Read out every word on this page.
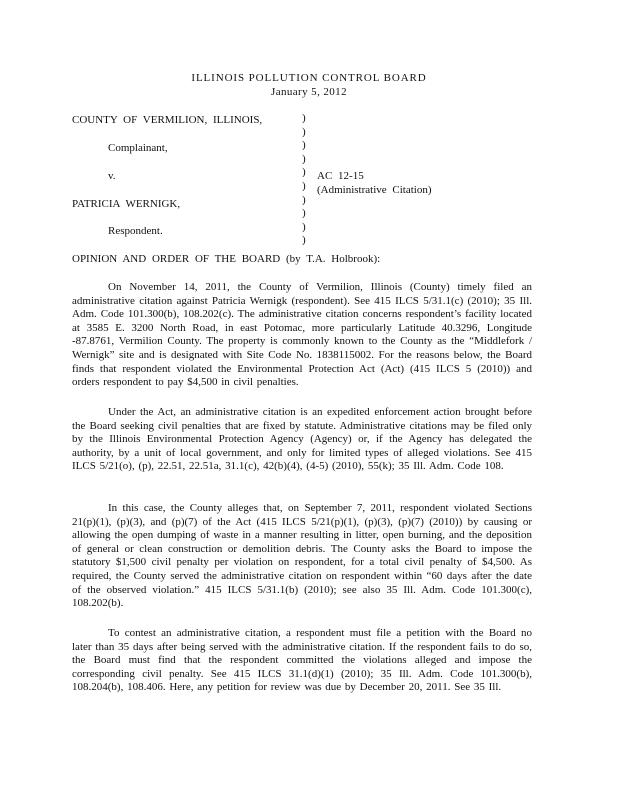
ILLINOIS POLLUTION CONTROL BOARD
January 5, 2012
COUNTY OF VERMILION, ILLINOIS,
Complainant,
v.
PATRICIA WERNIGK,
Respondent.
)
)
)
)
)
)
)
)
)
)
AC 12-15
(Administrative Citation)
OPINION AND ORDER OF THE BOARD (by T.A. Holbrook):

On November 14, 2011, the County of Vermilion, Illinois (County) timely filed an administrative citation against Patricia Wernigk (respondent). See 415 ILCS 5/31.1(c) (2010); 35 Ill. Adm. Code 101.300(b), 108.202(c). The administrative citation concerns respondent’s facility located at 3585 E. 3200 North Road, in east Potomac, more particularly Latitude 40.3296, Longitude -87.8761, Vermilion County. The property is commonly known to the County as the “Middlefork / Wernigk” site and is designated with Site Code No. 1838115002. For the reasons below, the Board finds that respondent violated the Environmental Protection Act (Act) (415 ILCS 5 (2010)) and orders respondent to pay $4,500 in civil penalties.

Under the Act, an administrative citation is an expedited enforcement action brought before the Board seeking civil penalties that are fixed by statute. Administrative citations may be filed only by the Illinois Environmental Protection Agency (Agency) or, if the Agency has delegated the authority, by a unit of local government, and only for limited types of alleged violations. See 415 ILCS 5/21(o), (p), 22.51, 22.51a, 31.1(c), 42(b)(4), (4-5) (2010), 55(k); 35 Ill. Adm. Code 108.

In this case, the County alleges that, on September 7, 2011, respondent violated Sections 21(p)(1), (p)(3), and (p)(7) of the Act (415 ILCS 5/21(p)(1), (p)(3), (p)(7) (2010)) by causing or allowing the open dumping of waste in a manner resulting in litter, open burning, and the deposition of general or clean construction or demolition debris. The County asks the Board to impose the statutory $1,500 civil penalty per violation on respondent, for a total civil penalty of $4,500. As required, the County served the administrative citation on respondent within “60 days after the date of the observed violation.” 415 ILCS 5/31.1(b) (2010); see also 35 Ill. Adm. Code 101.300(c), 108.202(b).

To contest an administrative citation, a respondent must file a petition with the Board no later than 35 days after being served with the administrative citation. If the respondent fails to do so, the Board must find that the respondent committed the violations alleged and impose the corresponding civil penalty. See 415 ILCS 31.1(d)(1) (2010); 35 Ill. Adm. Code 101.300(b), 108.204(b), 108.406. Here, any petition for review was due by December 20, 2011. See 35 Ill.
